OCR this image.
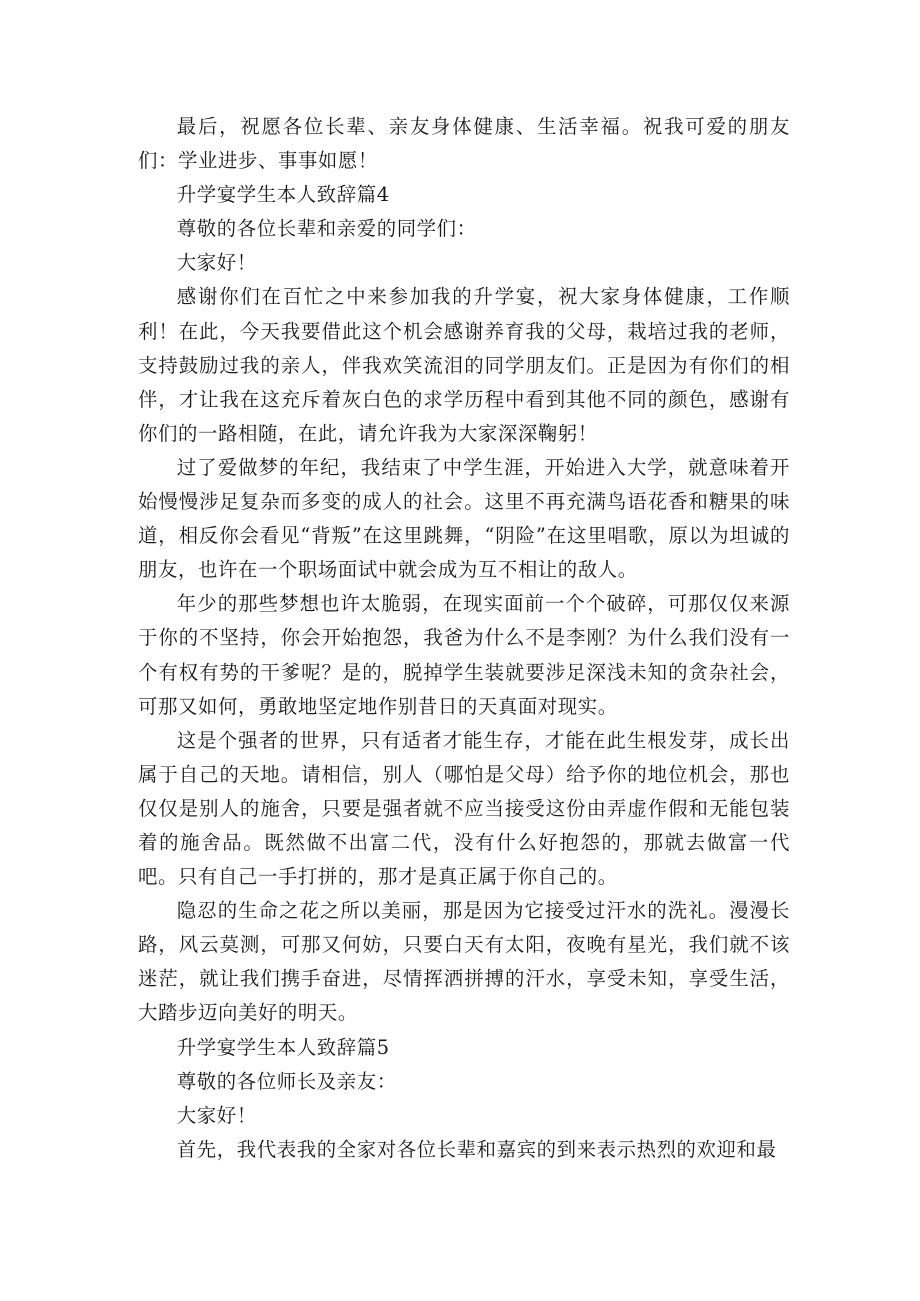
最后，祝愿各位长辈、亲友身体健康、生活幸福。祝我可爱的朋友们：学业进步、事事如愿！

升学宴学生本人致辞篇4

尊敬的各位长辈和亲爱的同学们：

大家好！

感谢你们在百忙之中来参加我的升学宴，祝大家身体健康，工作顺利！在此，今天我要借此这个机会感谢养育我的父母，栽培过我的老师，支持鼓励过我的亲人，伴我欢笑流泪的同学朋友们。正是因为有你们的相伴，才让我在这充斥着灰白色的求学历程中看到其他不同的颜色，感谢有你们的一路相随，在此，请允许我为大家深深鞠躬！

过了爱做梦的年纪，我结束了中学生涯，开始进入大学，就意味着开始慢慢涉足复杂而多变的成人的社会。这里不再充满鸟语花香和糖果的味道，相反你会看见“背叛”在这里跳舞，“阴险”在这里唱歌，原以为坦诚的朋友，也许在一个职场面试中就会成为互不相让的敌人。

年少的那些梦想也许太脆弱，在现实面前一个个破碎，可那仅仅来源于你的不坚持，你会开始抱怨，我爸为什么不是李刚？为什么我们没有一个有权有势的干爹呢？是的，脱掉学生装就要涉足深浅未知的贪杂社会，可那又如何，勇敢地坚定地作别昔日的天真面对现实。

这是个强者的世界，只有适者才能生存，才能在此生根发芽，成长出属于自己的天地。请相信，别人（哪怕是父母）给予你的地位机会，那也仅仅是别人的施舍，只要是强者就不应当接受这份由弄虚作假和无能包装着的施舍品。既然做不出富二代，没有什么好抱怨的，那就去做富一代吧。只有自己一手打拼的，那才是真正属于你自己的。

隐忍的生命之花之所以美丽，那是因为它接受过汗水的洗礼。漫漫长路，风云莫测，可那又何妨，只要白天有太阳，夜晚有星光，我们就不该迷茫，就让我们携手奋进，尽情挥洒拼搏的汗水，享受未知，享受生活，大踏步迈向美好的明天。

升学宴学生本人致辞篇5

尊敬的各位师长及亲友：

大家好！

首先，我代表我的全家对各位长辈和嘉宾的到来表示热烈的欢迎和最
